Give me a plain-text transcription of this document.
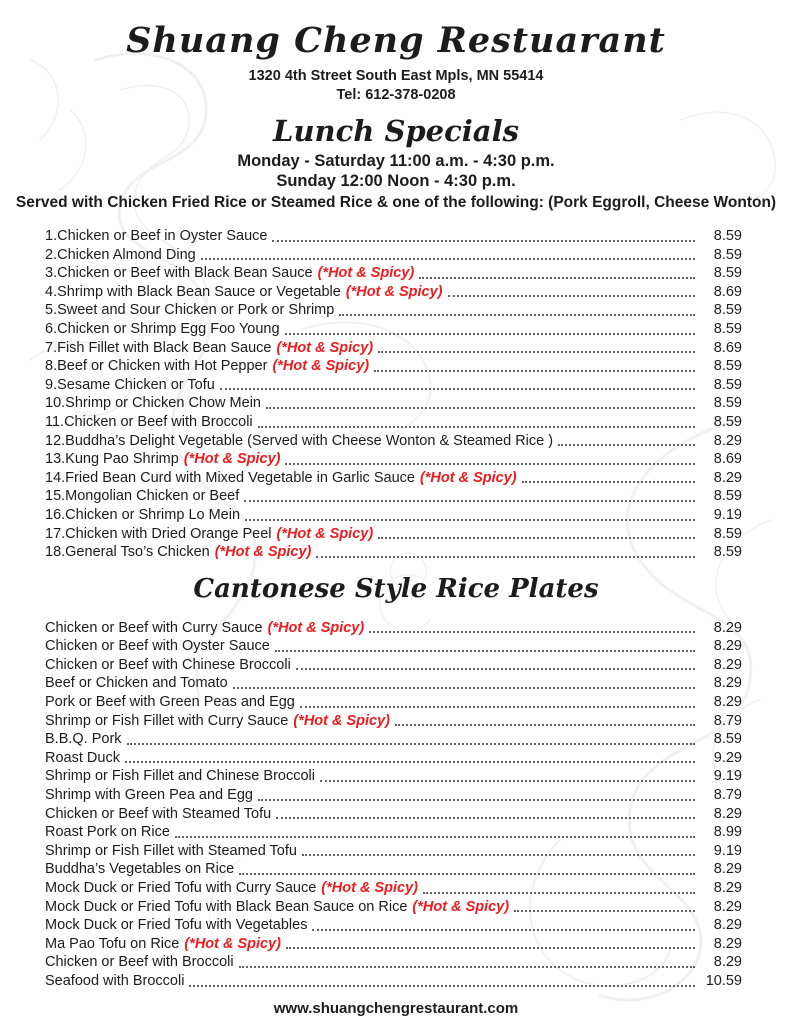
Shuang Cheng Restuarant
1320 4th Street South East Mpls, MN 55414
Tel: 612-378-0208
Lunch Specials
Monday - Saturday 11:00 a.m. - 4:30 p.m.
Sunday 12:00 Noon - 4:30 p.m.
Served with Chicken Fried Rice or Steamed Rice & one of the following: (Pork Eggroll, Cheese Wonton)
1.Chicken or Beef in Oyster Sauce	8.59
2.Chicken Almond Ding	8.59
3.Chicken or Beef with Black Bean Sauce (*Hot & Spicy)	8.59
4.Shrimp with Black Bean Sauce or Vegetable (*Hot & Spicy)	8.69
5.Sweet and Sour Chicken or Pork or Shrimp	8.59
6.Chicken or Shrimp Egg Foo Young	8.59
7.Fish Fillet with Black Bean Sauce (*Hot & Spicy)	8.69
8.Beef or Chicken with Hot Pepper (*Hot & Spicy)	8.59
9.Sesame Chicken or Tofu	8.59
10.Shrimp or Chicken Chow Mein	8.59
11.Chicken or Beef with Broccoli	8.59
12.Buddha’s Delight Vegetable (Served with Cheese Wonton & Steamed Rice )	8.29
13.Kung Pao Shrimp (*Hot & Spicy)	8.69
14.Fried Bean Curd with Mixed Vegetable in Garlic Sauce (*Hot & Spicy)	8.29
15.Mongolian Chicken or Beef	8.59
16.Chicken or Shrimp Lo Mein	9.19
17.Chicken with Dried Orange Peel (*Hot & Spicy)	8.59
18.General Tso’s Chicken (*Hot & Spicy)	8.59
Cantonese Style Rice Plates
Chicken or Beef with Curry Sauce (*Hot & Spicy)	8.29
Chicken or Beef with Oyster Sauce	8.29
Chicken or Beef with Chinese Broccoli	8.29
Beef or Chicken and Tomato	8.29
Pork or Beef with Green Peas and Egg	8.29
Shrimp or Fish Fillet with Curry Sauce (*Hot & Spicy)	8.79
B.B.Q. Pork	8.59
Roast Duck	9.29
Shrimp or Fish Fillet and Chinese Broccoli	9.19
Shrimp with Green Pea and Egg	8.79
Chicken or Beef with Steamed Tofu	8.29
Roast Pork on Rice	8.99
Shrimp or Fish Fillet with Steamed Tofu	9.19
Buddha’s Vegetables on Rice	8.29
Mock Duck or Fried Tofu with Curry Sauce (*Hot & Spicy)	8.29
Mock Duck or Fried Tofu with Black Bean Sauce on Rice (*Hot & Spicy)	8.29
Mock Duck or Fried Tofu with Vegetables	8.29
Ma Pao Tofu on Rice (*Hot & Spicy)	8.29
Chicken or Beef with Broccoli	8.29
Seafood with Broccoli	10.59
www.shuangchengrestaurant.com
